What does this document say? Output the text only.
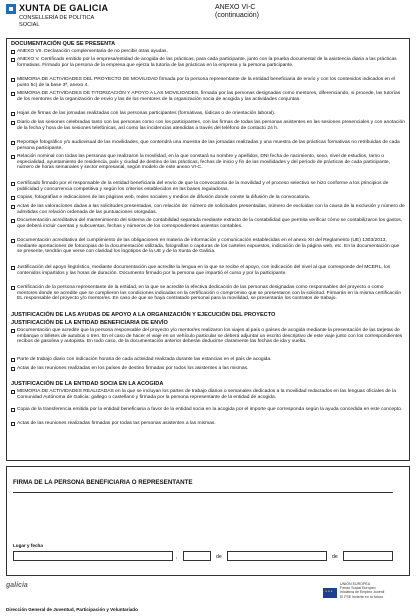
XUNTA DE GALICIA
CONSELLERÍA DE POLÍTICA
SOCIAL
ANEXO VI-C
(continuación)
DOCUMENTACIÓN QUE SE PRESENTA
ANEXO VII. Declaración complementaria de no percibir otras ayudas.
ANEXO V. Certificado emitido por la empresa/entidad de acogida de las prácticas, para cada participante, junto con la prueba documental de la asistencia diaria a las prácticas formativas. Firmado por la persona de la empresa que ejerza la tutoría de las prácticas en la empresa y la persona participante.
MEMORIA DE ACTIVIDADES DEL PROYECTO DE MOVILIDAD firmada por la persona representante de la entidad beneficiaria de envío y con los contenidos indicados en el punto 5c) de la base 3ª, anexo 4.
MEMORIA DE ACTIVIDADES DE TITORIZACIÓN Y APOYO A LAS MOVILIDADES, firmada por las personas designadas como mentores, diferenciando, si procede, las tutorías de los mentores de la organización de envío y las de los mentores de la organización socia de acogida y las actividades conjuntas.
Hojas de firmas de las jornadas realizadas con las personas participantes (formativas, lúdicas o de orientación laboral).
Diario de las sesiones celebradas tanto con las personas como con los participantes, con las firmas de todas las personas asistentes en las sesiones presenciales y con anotación de la fecha y hora de las sesiones telefónicas, así como las incidencias atendidas a través del teléfono de contacto 24 h.
Reportaje fotográfico y/o audiovisual de las movilidades, que contendrá una muestra de las jornadas realizadas y una muestra de las prácticas formativas no retribuidas de cada persona participante.
Relación nominal con todas las personas que realizaron la movilidad, en la que constará su nombre y apellidos, DNI fecha de nacimiento, sexo, nivel de estudios, ramo o especialidad, ayuntamiento de residencia, país y ciudad de destino de las prácticas, fechas de inicio y fin de las movilidades y del período de prácticas de cada participante, número de horas semanales y sector empresarial, según modelo de este anexo VI-C.
Certificado firmado por el responsable de la entidad beneficiaria del envío de que la convocatoria de la movilidad y el proceso selectivo se hizo conforme a los principios de publicidad y concurrencia competitiva y según los criterios establecidos en las bases reguladoras.
Copias, fotografías e indicaciones de las páginas web, redes sociales y medios de difusión donde conste la difusión de la convocatoria.
Actas de las valoraciones dadas a las solicitudes presentadas, con relación de: número de solicitudes presentadas, número de excluidas con la causa de la exclusión y número de admitidas con relación ordenada de las puntuaciones otorgadas.
Documentación acreditativa del mantenimiento del sistema de contabilidad separada mediante extracto de la contabilidad que permita verificar cómo se contabilizaron los gastos, que deberá incluir cuentas y subcuentas, fechas y números de los correspondientes asientos contables.
Documentación acreditativa del cumplimiento de las obligaciones en materia de información y comunicación establecidas en el anexo XII del Reglamento (UE) 1303/2013, mediante aportaciones de fotocopias de la documentación utilizada, fotografías o capturas de los carteles expuestos, indicación de la página web, etc. En la documentación que se presente, tendrán que verse con claridad los logotipos de la UE y de la Xunta de Galicia.
Justificación del apoyo lingüístico, mediante documentación que acredite la lengua en la que se recibe el apoyo, con indicación del nivel al que corresponde del MCERL, los contenidos impartidos y las horas de duración. Documento firmado por la persona que impartió el curso y por la participante.
Certificación de la persona representante de la entidad, en la que se acredite la efectiva dedicación de las personas designadas como responsables del proyecto o como mentores donde se acredite que se cumplieron las condiciones indicadas en la certificación o compromiso que se presentaron con la solicitud. Firmarán en la misma certificación EL responsable del proyecto y/o mentor/es. En caso de que se haya contratado personal para la movilidad, se presentarán los contratos de trabajo.
JUSTIFICACIÓN DE LAS AYUDAS DE APOYO A LA ORGANIZACIÓN Y EJECUCIÓN DEL PROYECTO
JUSTIFICACIÓN DE LA ENTIDAD BENEFICIARIA DE ENVÍO
Documentación que acredite que la persona responsable del proyecto y/o mentor/es realizaron los viajes al país o países de acogida mediante la presentación de las tarjetas de embarque o billetes de autobús o tren. En el caso de hacer el viaje en un vehículo particular se deberá adjuntar un escrito descriptivo de este viaje junto con los correspondientes recibos de gasolina y autopista. En todo caso, de la documentación anterior deberán deducirse claramente las fechas de ida y vuelta.
Parte de trabajo diario con indicación horaria de cada actividad realizada durante las estancias en el país de acogida.
Actas de las reuniones realizadas en los países de destino firmadas por todos los asistentes a las mismas.
JUSTIFICACIÓN DE LA ENTIDAD SOCIA EN LA ACOGIDA
MEMORIA DE ACTIVIDADES REALIZADAS en la que se incluyan los partes de trabajo diarios o semanales dedicados a la movilidad redactados en las lenguas oficiales de la Comunidad Autónoma de Galicia: gallego o castellano y firmada por la persona representante de la entidad de acogida.
Copia de la transferencia emitida por la entidad beneficiaria a favor de la entidad socia en la acogida por el importe que corresponda según la ayuda concedida en este concepto.
Actas de las reuniones realizadas firmadas por todas las personas asistentes a las mismas.
FIRMA DE LA PERSONA BENEFICIARIA O REPRESENTANTE
Lugar y fecha
,	de	de
galicia
★★★
UNIÓN EUROPEA
Fondo Social Europeo
Iniciativa de Empleo Juvenil
El FSE invierte en tu futuro
Dirección General de Juventud, Participación y Voluntariado
